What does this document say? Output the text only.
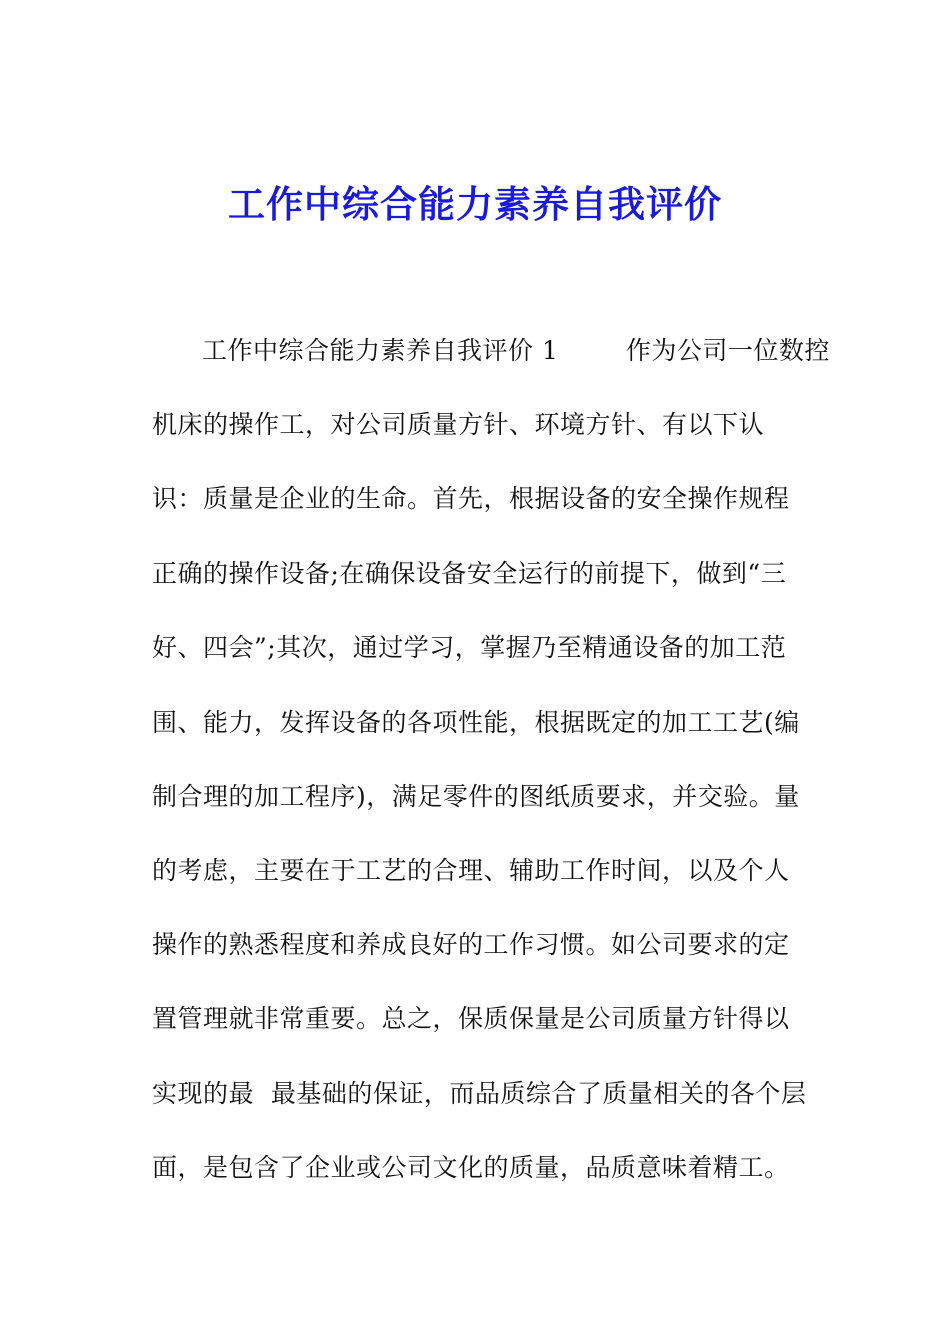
工作中综合能力素养自我评价
工作中综合能力素养自我评价 1        作为公司一位数控
机床的操作工，对公司质量方针、环境方针、有以下认
识：质量是企业的生命。首先，根据设备的安全操作规程
正确的操作设备;在确保设备安全运行的前提下，做到“三
好、四会”;其次，通过学习，掌握乃至精通设备的加工范
围、能力，发挥设备的各项性能，根据既定的加工工艺(编
制合理的加工程序)，满足零件的图纸质要求，并交验。量
的考虑，主要在于工艺的合理、辅助工作时间，以及个人
操作的熟悉程度和养成良好的工作习惯。如公司要求的定
置管理就非常重要。总之，保质保量是公司质量方针得以
实现的最  最基础的保证，而品质综合了质量相关的各个层
面，是包含了企业或公司文化的质量，品质意味着精工。
